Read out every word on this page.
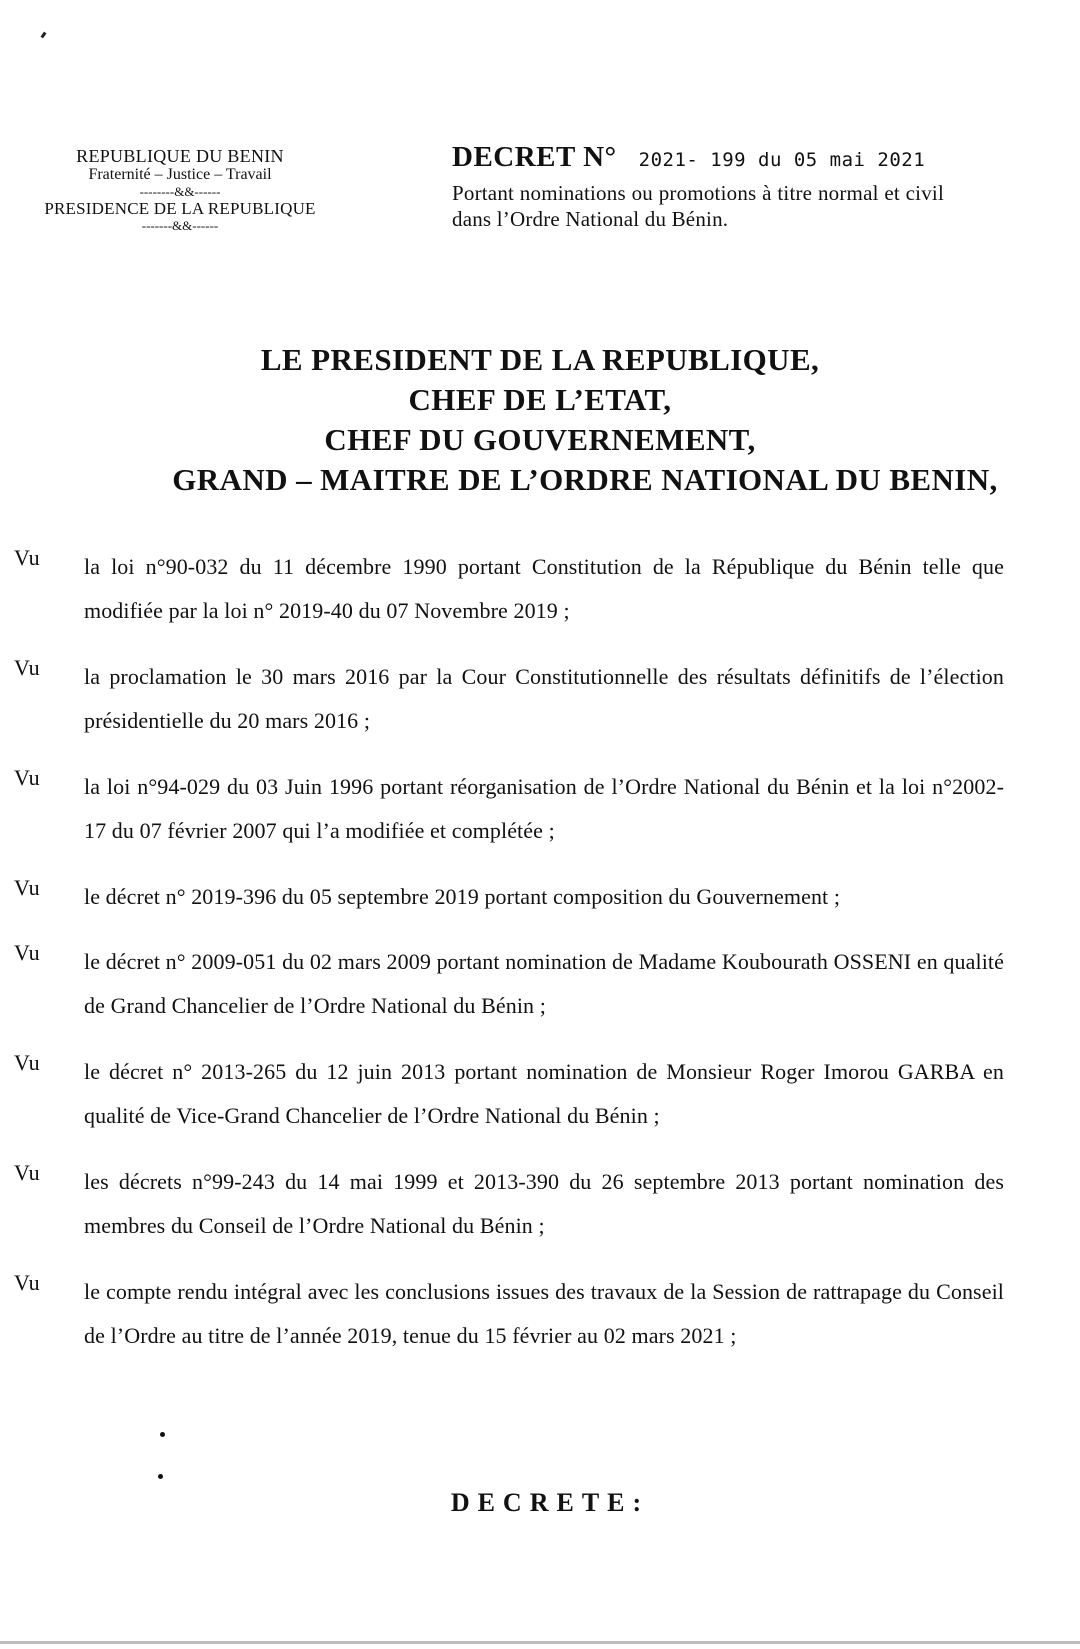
REPUBLIQUE DU BENIN
Fraternité – Justice – Travail
--------&&------
PRESIDENCE DE LA REPUBLIQUE
-------&&------
DECRET N° 2021- 199 du 05 mai 2021
Portant nominations ou promotions à titre normal et civil dans l’Ordre National du Bénin.
LE PRESIDENT DE LA REPUBLIQUE,
CHEF DE L’ETAT,
CHEF DU GOUVERNEMENT,
GRAND – MAITRE DE L’ORDRE NATIONAL DU BENIN,
Vu	la loi n°90-032 du 11 décembre 1990 portant Constitution de la République du Bénin telle que modifiée par la loi n° 2019-40 du 07 Novembre 2019 ;
Vu	la proclamation le 30 mars 2016 par la Cour Constitutionnelle des résultats définitifs de l’élection présidentielle du 20 mars 2016 ;
Vu	la loi n°94-029 du 03 Juin 1996 portant réorganisation de l’Ordre National du Bénin et la loi n°2002-17 du 07 février 2007 qui l’a modifiée et complétée ;
Vu	le décret n° 2019-396 du 05 septembre 2019 portant composition du Gouvernement ;
Vu	le décret n° 2009-051 du 02 mars 2009 portant nomination de Madame Koubourath OSSENI en qualité de Grand Chancelier de l’Ordre National du Bénin ;
Vu	le décret n° 2013-265 du 12 juin 2013 portant nomination de Monsieur Roger Imorou GARBA en qualité de Vice-Grand Chancelier de l’Ordre National du Bénin ;
Vu	les décrets n°99-243 du 14 mai 1999 et 2013-390 du 26 septembre 2013 portant nomination des membres du Conseil de l’Ordre National du Bénin ;
Vu	le compte rendu intégral avec les conclusions issues des travaux de la Session de rattrapage du Conseil de l’Ordre au titre de l’année 2019, tenue du 15 février au 02 mars 2021 ;
DECRETE:
